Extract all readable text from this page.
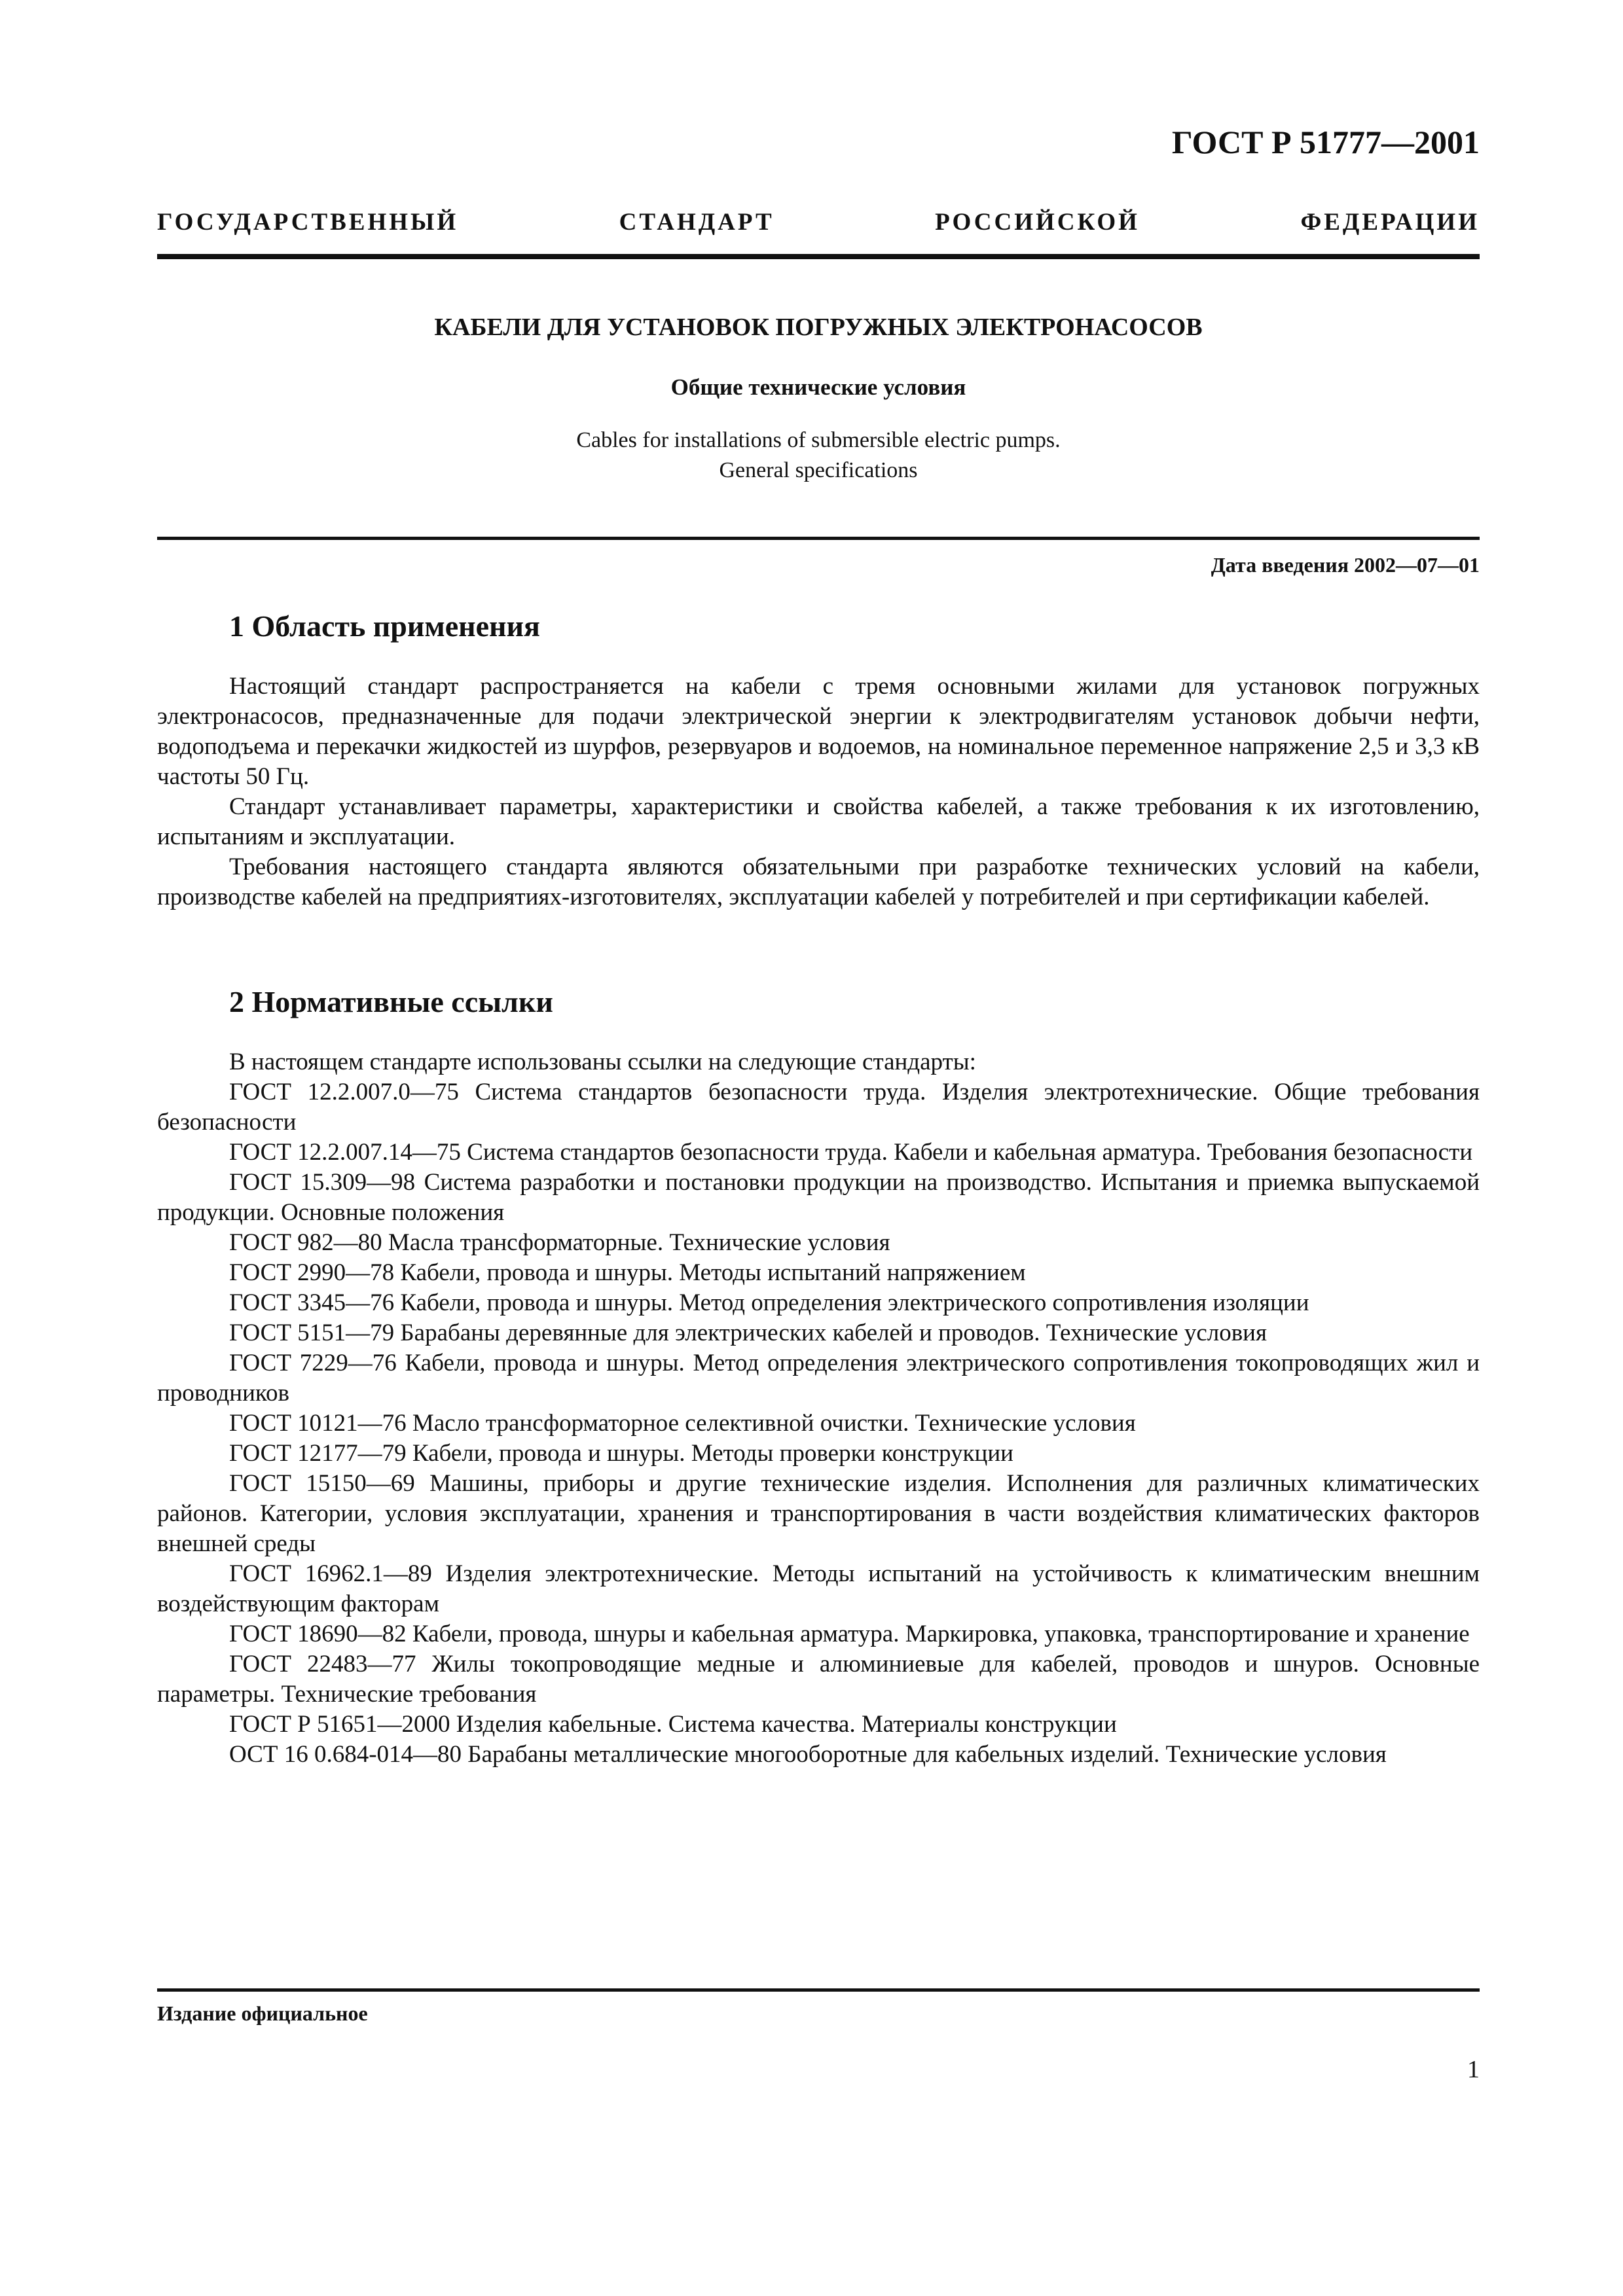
ГОСТ Р 51777—2001
ГОСУДАРСТВЕННЫЙ СТАНДАРТ РОССИЙСКОЙ ФЕДЕРАЦИИ
КАБЕЛИ ДЛЯ УСТАНОВОК ПОГРУЖНЫХ ЭЛЕКТРОНАСОСОВ
Общие технические условия
Cables for installations of submersible electric pumps.
General specifications
Дата введения 2002—07—01
1 Область применения

Настоящий стандарт распространяется на кабели с тремя основными жилами для установок погружных электронасосов, предназначенные для подачи электрической энергии к электродвигателям установок добычи нефти, водоподъема и перекачки жидкостей из шурфов, резервуаров и водоемов, на номинальное переменное напряжение 2,5 и 3,3 кВ частоты 50 Гц.

Стандарт устанавливает параметры, характеристики и свойства кабелей, а также требования к их изготовлению, испытаниям и эксплуатации.

Требования настоящего стандарта являются обязательными при разработке технических условий на кабели, производстве кабелей на предприятиях-изготовителях, эксплуатации кабелей у потребителей и при сертификации кабелей.

2 Нормативные ссылки

В настоящем стандарте использованы ссылки на следующие стандарты:

ГОСТ 12.2.007.0—75 Система стандартов безопасности труда. Изделия электротехнические. Общие требования безопасности

ГОСТ 12.2.007.14—75 Система стандартов безопасности труда. Кабели и кабельная арматура. Требования безопасности

ГОСТ 15.309—98 Система разработки и постановки продукции на производство. Испытания и приемка выпускаемой продукции. Основные положения

ГОСТ 982—80 Масла трансформаторные. Технические условия

ГОСТ 2990—78 Кабели, провода и шнуры. Методы испытаний напряжением

ГОСТ 3345—76 Кабели, провода и шнуры. Метод определения электрического сопротивления изоляции

ГОСТ 5151—79 Барабаны деревянные для электрических кабелей и проводов. Технические условия

ГОСТ 7229—76 Кабели, провода и шнуры. Метод определения электрического сопротивления токопроводящих жил и проводников

ГОСТ 10121—76 Масло трансформаторное селективной очистки. Технические условия

ГОСТ 12177—79 Кабели, провода и шнуры. Методы проверки конструкции

ГОСТ 15150—69 Машины, приборы и другие технические изделия. Исполнения для различных климатических районов. Категории, условия эксплуатации, хранения и транспортирования в части воздействия климатических факторов внешней среды

ГОСТ 16962.1—89 Изделия электротехнические. Методы испытаний на устойчивость к климатическим внешним воздействующим факторам

ГОСТ 18690—82 Кабели, провода, шнуры и кабельная арматура. Маркировка, упаковка, транспортирование и хранение

ГОСТ 22483—77 Жилы токопроводящие медные и алюминиевые для кабелей, проводов и шнуров. Основные параметры. Технические требования

ГОСТ Р 51651—2000 Изделия кабельные. Система качества. Материалы конструкции

ОСТ 16 0.684-014—80 Барабаны металлические многооборотные для кабельных изделий. Технические условия

Издание официальное
1
